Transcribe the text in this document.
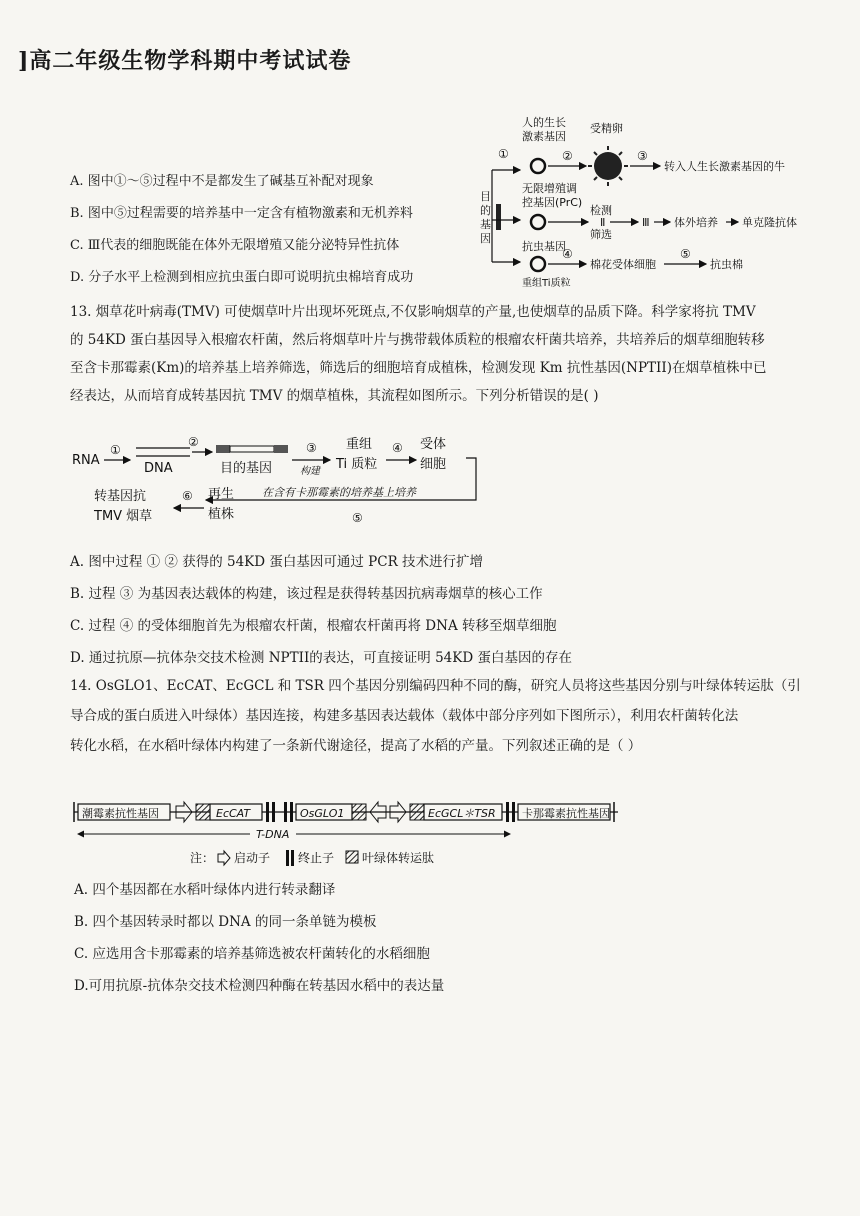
]高二年级生物学科期中考试试卷
A. 图中①～⑤过程中不是都发生了碱基互补配对现象
B. 图中⑤过程需要的培养基中一定含有植物激素和无机养料
C. Ⅲ代表的细胞既能在体外无限增殖又能分泌特异性抗体
D. 分子水平上检测到相应抗虫蛋白即可说明抗虫棉培育成功
目
的
基
因
①
人的生长
激素基因
②
受精卵
③
转入人生长激素基因的牛
无限增殖调
控基因(PrC)
检测
筛选
Ⅱ	Ⅲ 体外培养 单克隆抗体
抗虫基因
重组Ti质粒
④
棉花受体细胞
⑤
抗虫棉
13. 烟草花叶病毒(TMV) 可使烟草叶片出现坏死斑点,不仅影响烟草的产量,也使烟草的品质下降。科学家将抗 TMV
的 54KD 蛋白基因导入根瘤农杆菌，然后将烟草叶片与携带载体质粒的根瘤农杆菌共培养，共培养后的烟草细胞转移
至含卡那霉素(Km)的培养基上培养筛选，筛选后的细胞培育成植株，检测发现 Km 抗性基因(NPTII)在烟草植株中已
经表达，从而培育成转基因抗 TMV 的烟草植株，其流程如图所示。下列分析错误的是( )
RNA
①
DNA
②
目的基因
③
构建
重组
Ti 质粒
④ 受体
细胞
在含有卡那霉素的培养基上培养
⑤
再生
植株
⑥
转基因抗
TMV 烟草
A. 图中过程 ① ② 获得的 54KD 蛋白基因可通过 PCR 技术进行扩增
B. 过程 ③ 为基因表达载体的构建，该过程是获得转基因抗病毒烟草的核心工作
C. 过程 ④ 的受体细胞首先为根瘤农杆菌，根瘤农杆菌再将 DNA 转移至烟草细胞
D. 通过抗原—抗体杂交技术检测 NPTII的表达，可直接证明 54KD 蛋白基因的存在
14. OsGLO1、EcCAT、EcGCL 和 TSR 四个基因分别编码四种不同的酶，研究人员将这些基因分别与叶绿体转运肽（引
导合成的蛋白质进入叶绿体）基因连接，构建多基因表达载体（载体中部分序列如下图所示），利用农杆菌转化法
转化水稻，在水稻叶绿体内构建了一条新代谢途径，提高了水稻的产量。下列叙述正确的是（ ）
潮霉素抗性基因	EcCAT	OsGLO1	EcGCL＊TSR 卡那霉素抗性基因
T-DNA
注： 启动子 终止子 叶绿体转运肽
A. 四个基因都在水稻叶绿体内进行转录翻译
B. 四个基因转录时都以 DNA 的同一条单链为模板
C. 应选用含卡那霉素的培养基筛选被农杆菌转化的水稻细胞
D.可用抗原-抗体杂交技术检测四种酶在转基因水稻中的表达量
